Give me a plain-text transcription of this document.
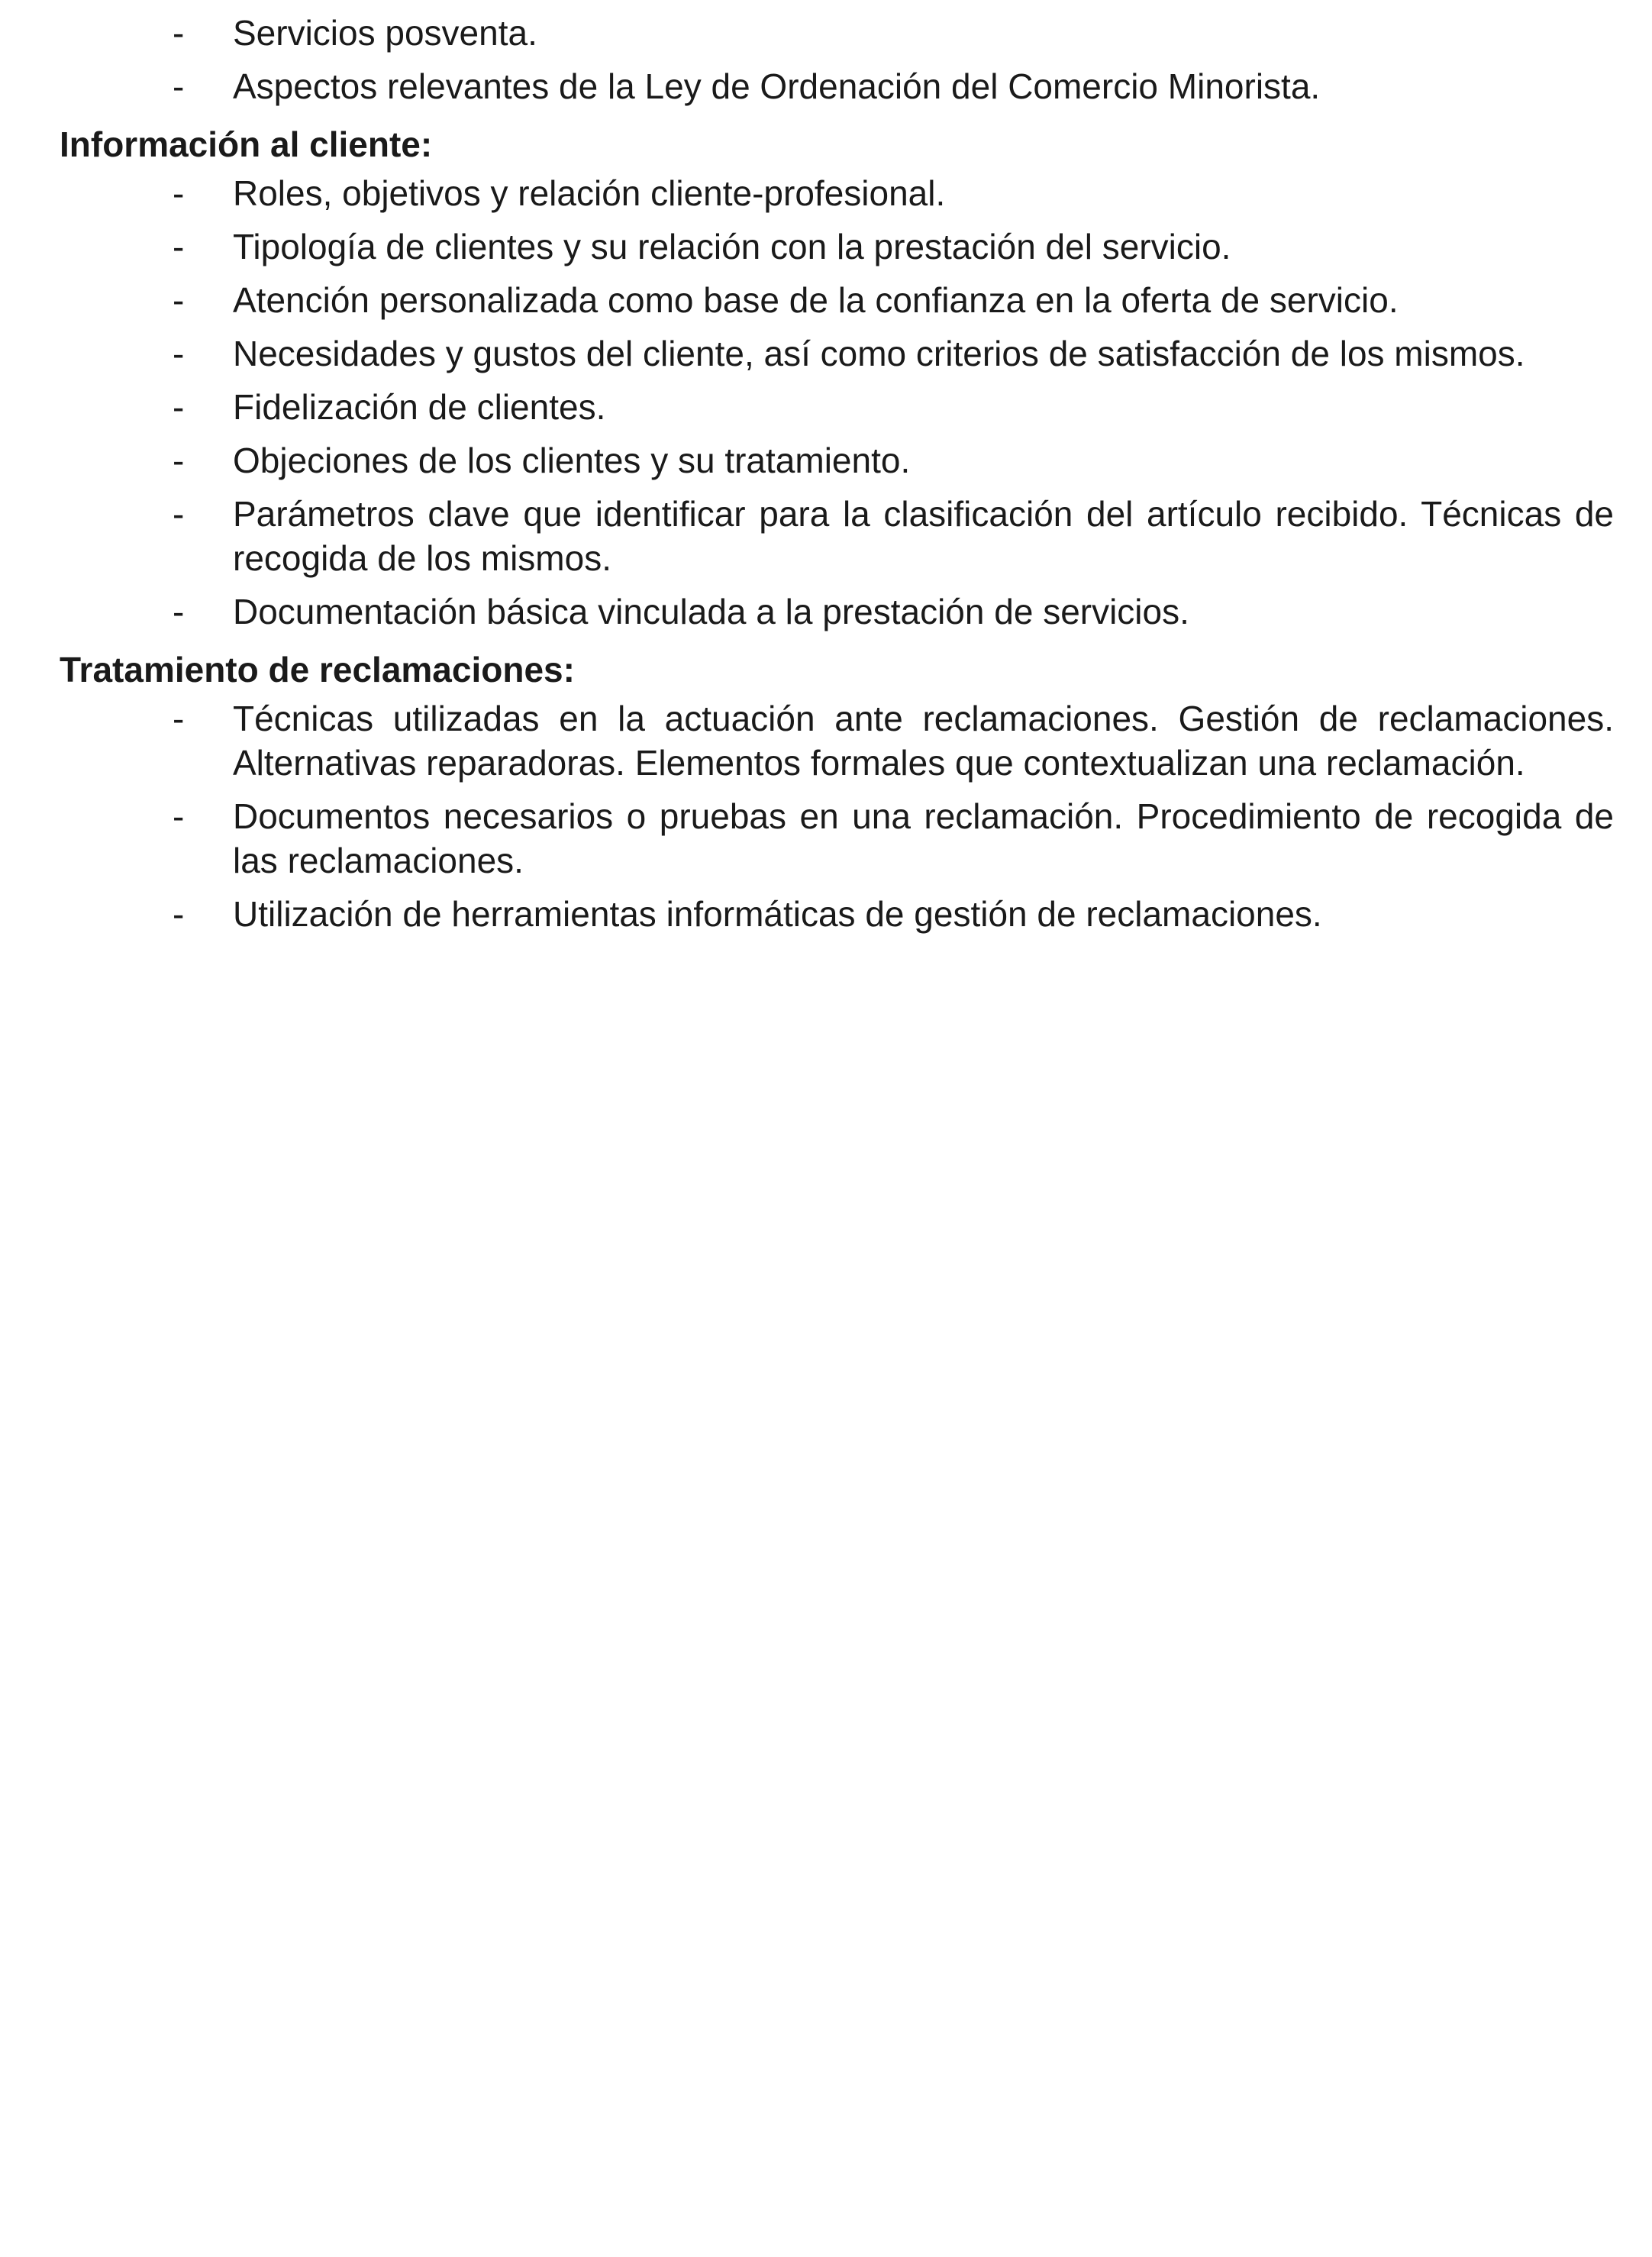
- Servicios posventa.
- Aspectos relevantes de la Ley de Ordenación del Comercio Minorista.
Información al cliente:
- Roles, objetivos y relación cliente-profesional.
- Tipología de clientes y su relación con la prestación del servicio.
- Atención personalizada como base de la confianza en la oferta de servicio.
- Necesidades y gustos del cliente, así como criterios de satisfacción de los mismos.
- Fidelización de clientes.
- Objeciones de los clientes y su tratamiento.
- Parámetros clave que identificar para la clasificación del artículo recibido. Técnicas de recogida de los mismos.
- Documentación básica vinculada a la prestación de servicios.
Tratamiento de reclamaciones:
- Técnicas utilizadas en la actuación ante reclamaciones. Gestión de reclamaciones. Alternativas reparadoras. Elementos formales que contextualizan una reclamación.
- Documentos necesarios o pruebas en una reclamación. Procedimiento de recogida de las reclamaciones.
- Utilización de herramientas informáticas de gestión de reclamaciones.
